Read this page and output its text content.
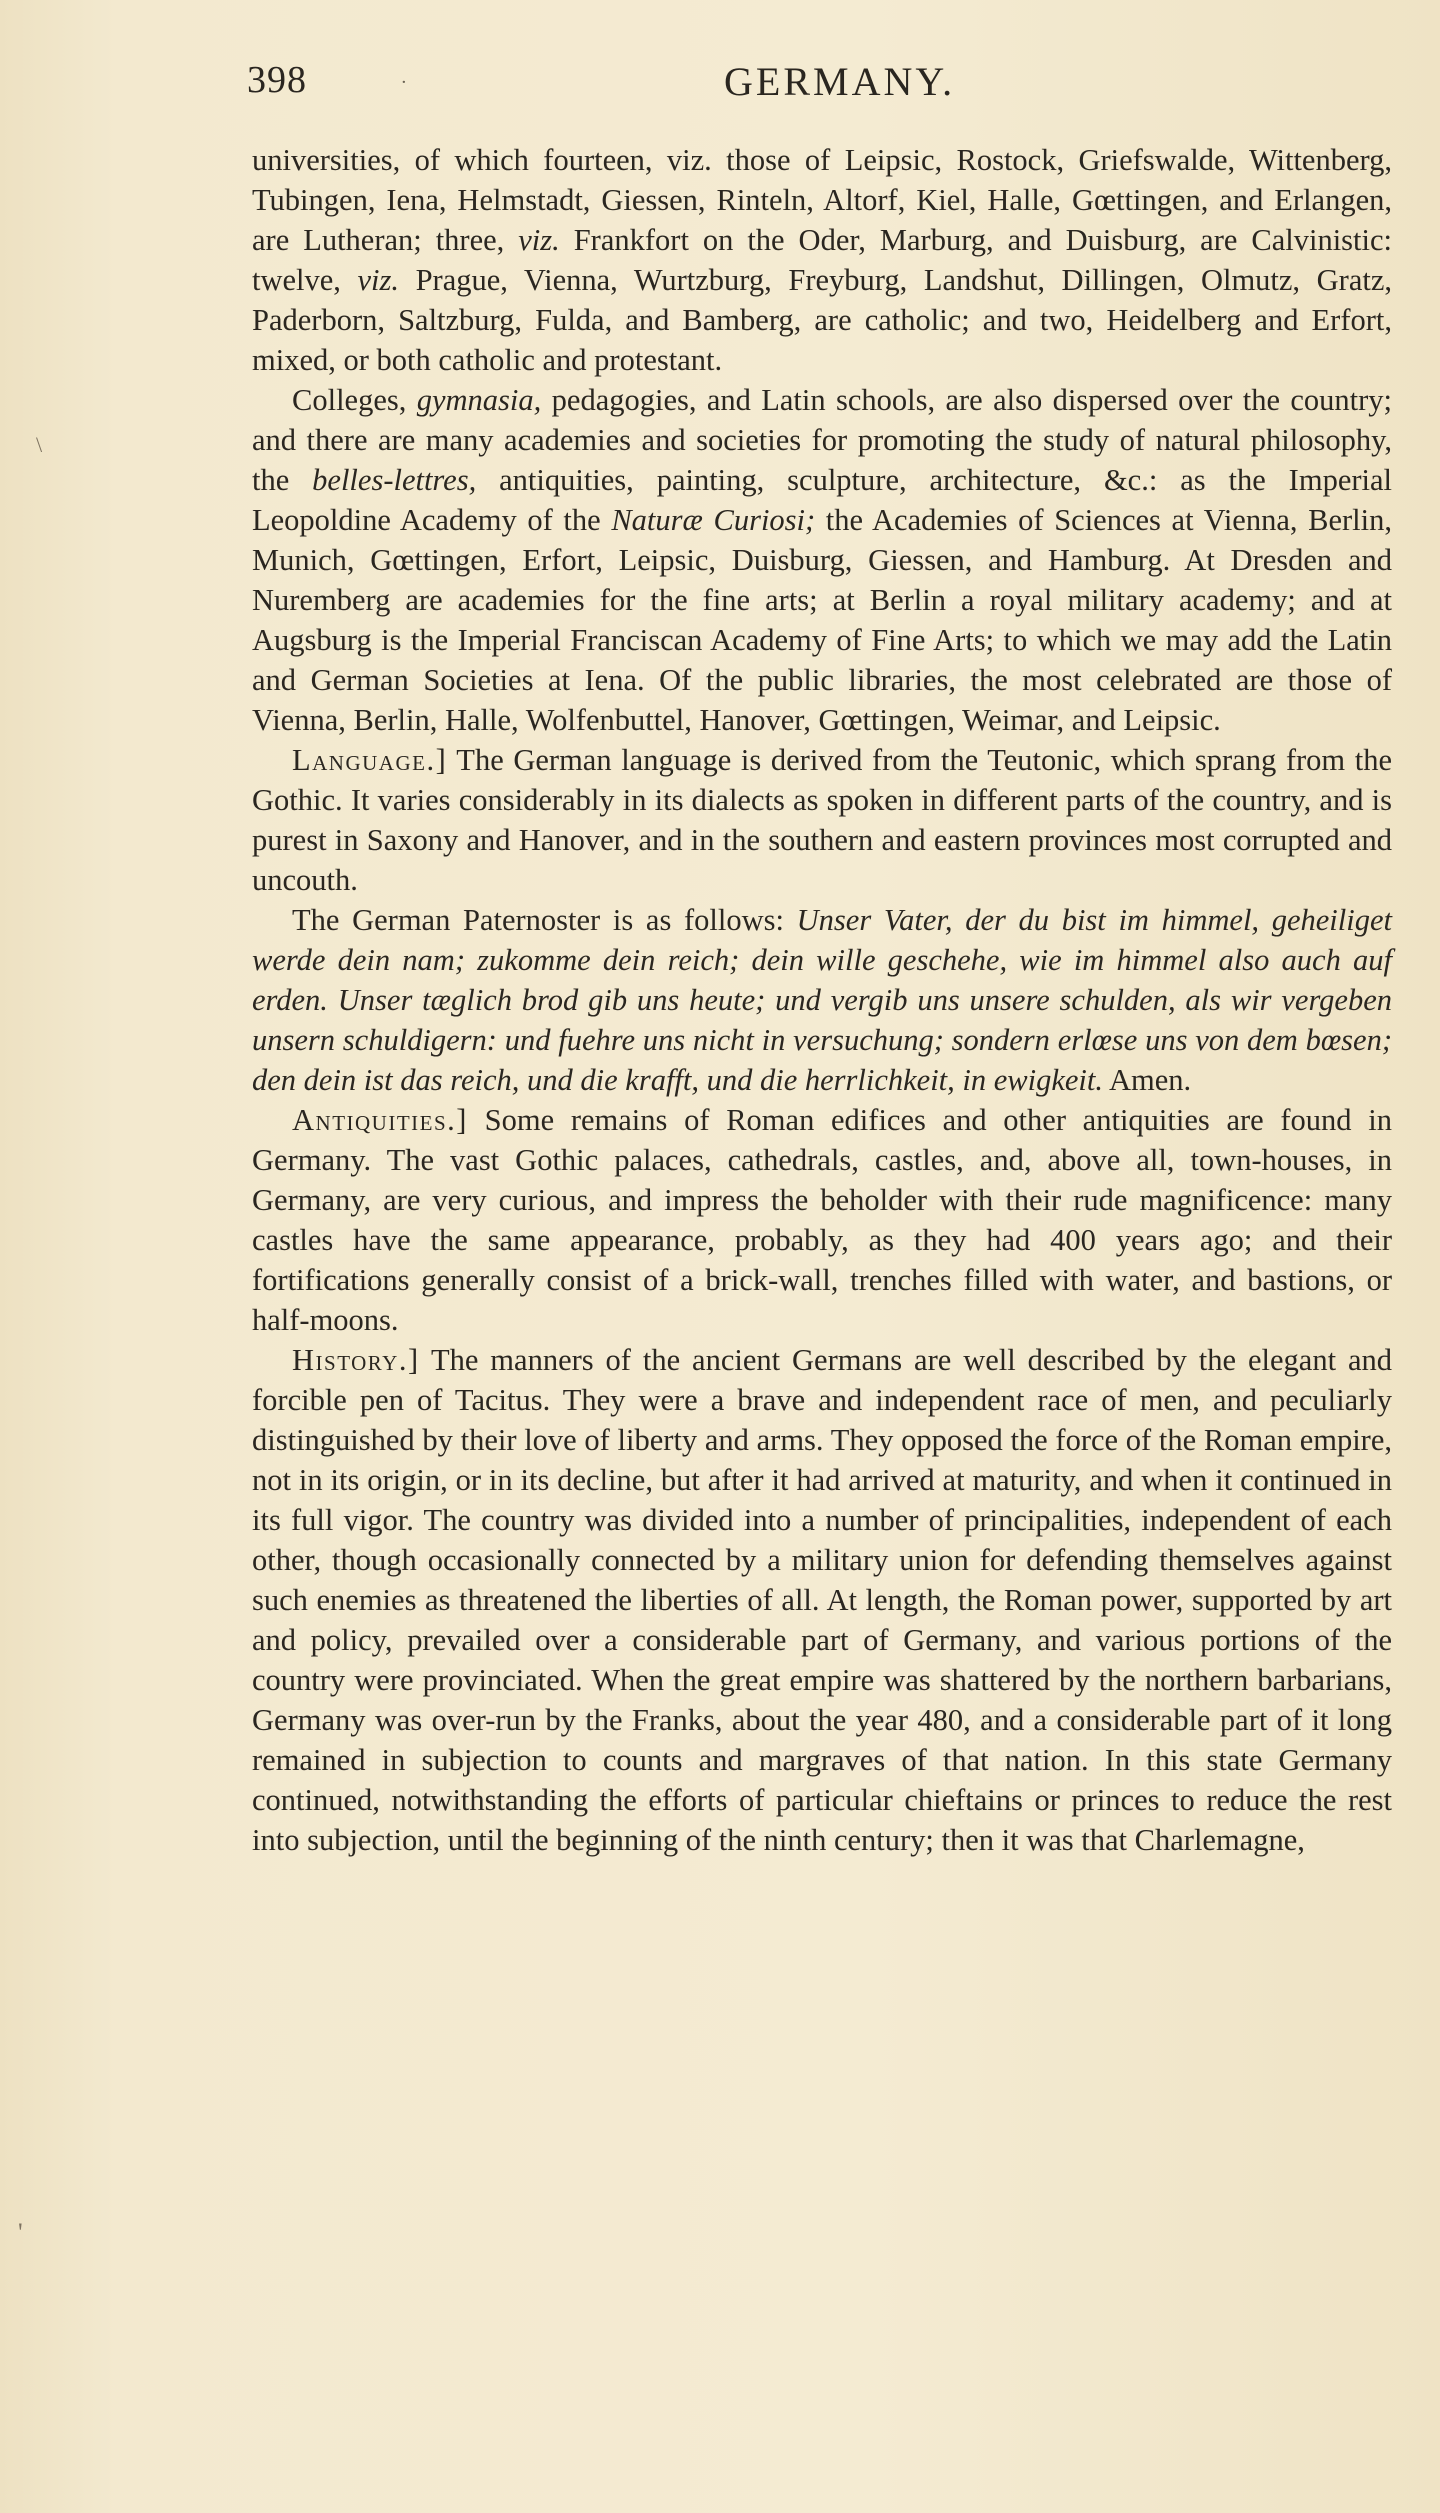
398	·	GERMANY.
\
'

universities, of which fourteen, viz. those of Leipsic, Rostock, Griefswalde, Wittenberg, Tubingen, Iena, Helmstadt, Giessen, Rinteln, Altorf, Kiel, Halle, Gœttingen, and Erlangen, are Lutheran; three, viz. Frankfort on the Oder, Marburg, and Duisburg, are Calvinistic: twelve, viz. Prague, Vienna, Wurtzburg, Freyburg, Landshut, Dillingen, Olmutz, Gratz, Paderborn, Saltzburg, Fulda, and Bamberg, are catholic; and two, Heidelberg and Erfort, mixed, or both catholic and protestant.

Colleges, gymnasia, pedagogies, and Latin schools, are also dispersed over the country; and there are many academies and societies for promoting the study of natural philosophy, the belles-lettres, antiquities, painting, sculpture, architecture, &c.: as the Imperial Leopoldine Academy of the Naturæ Curiosi; the Academies of Sciences at Vienna, Berlin, Munich, Gœttingen, Erfort, Leipsic, Duisburg, Giessen, and Hamburg. At Dresden and Nuremberg are academies for the fine arts; at Berlin a royal military academy; and at Augsburg is the Imperial Franciscan Academy of Fine Arts; to which we may add the Latin and German Societies at Iena. Of the public libraries, the most celebrated are those of Vienna, Berlin, Halle, Wolfenbuttel, Hanover, Gœttingen, Weimar, and Leipsic.

Language.] The German language is derived from the Teutonic, which sprang from the Gothic. It varies considerably in its dialects as spoken in different parts of the country, and is purest in Saxony and Hanover, and in the southern and eastern provinces most corrupted and uncouth.

The German Paternoster is as follows: Unser Vater, der du bist im himmel, geheiliget werde dein nam; zukomme dein reich; dein wille geschehe, wie im himmel also auch auf erden. Unser tæglich brod gib uns heute; und vergib uns unsere schulden, als wir vergeben unsern schuldigern: und fuehre uns nicht in versuchung; sondern erlœse uns von dem bœsen; den dein ist das reich, und die krafft, und die herrlichkeit, in ewigkeit. Amen.

Antiquities.] Some remains of Roman edifices and other antiquities are found in Germany. The vast Gothic palaces, cathedrals, castles, and, above all, town-houses, in Germany, are very curious, and impress the beholder with their rude magnificence: many castles have the same appearance, probably, as they had 400 years ago; and their fortifications generally consist of a brick-wall, trenches filled with water, and bastions, or half-moons.

History.] The manners of the ancient Germans are well described by the elegant and forcible pen of Tacitus. They were a brave and independent race of men, and peculiarly distinguished by their love of liberty and arms. They opposed the force of the Roman empire, not in its origin, or in its decline, but after it had arrived at maturity, and when it continued in its full vigor. The country was divided into a number of principalities, independent of each other, though occasionally connected by a military union for defending themselves against such enemies as threatened the liberties of all. At length, the Roman power, supported by art and policy, prevailed over a considerable part of Germany, and various portions of the country were provinciated. When the great empire was shattered by the northern barbarians, Germany was over-run by the Franks, about the year 480, and a considerable part of it long remained in subjection to counts and margraves of that nation. In this state Germany continued, notwithstanding the efforts of particular chieftains or princes to reduce the rest into subjection, until the beginning of the ninth century; then it was that Charlemagne,
